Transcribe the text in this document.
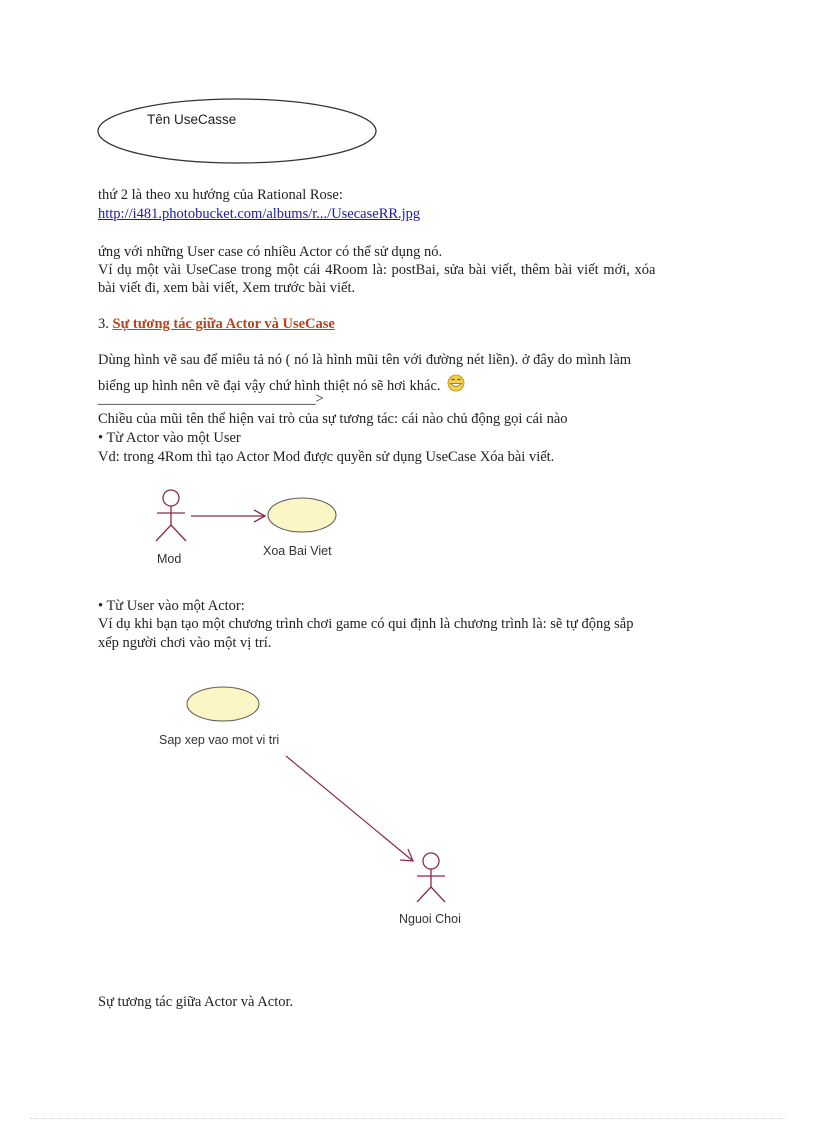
Tên UseCasse
thứ 2 là theo xu hướng của Rational Rose:
http://i481.photobucket.com/albums/r.../UsecaseRR.jpg
ứng với những User case có nhiều Actor có thể sử dụng nó.
Ví dụ một vài UseCase trong một cái 4Room là: postBai, sửa bài viết, thêm bài viết mới, xóa
bài viết đi, xem bài viết, Xem trước bài viết.
3. Sự tương tác giữa Actor và UseCase
Dùng hình vẽ sau để miêu tả nó ( nó là hình mũi tên với đường nét liền). ở đây do mình làm
biếng up hình nên vẽ đại vậy chứ hình thiệt nó sẽ hơi khác.
______________________________>
Chiều của mũi tên thể hiện vai trò của sự tương tác: cái nào chủ động gọi cái nào
• Từ Actor vào một User
Vd: trong 4Rom thì tạo Actor Mod được quyền sử dụng UseCase Xóa bài viết.
Mod
Xoa Bai Viet
• Từ User vào một Actor:
Ví dụ khi bạn tạo một chương trình chơi game có qui định là chương trình là: sẽ tự động sắp
xếp người chơi vào một vị trí.
Sap xep vao mot vi tri
Nguoi Choi
Sự tương tác giữa Actor và Actor.
